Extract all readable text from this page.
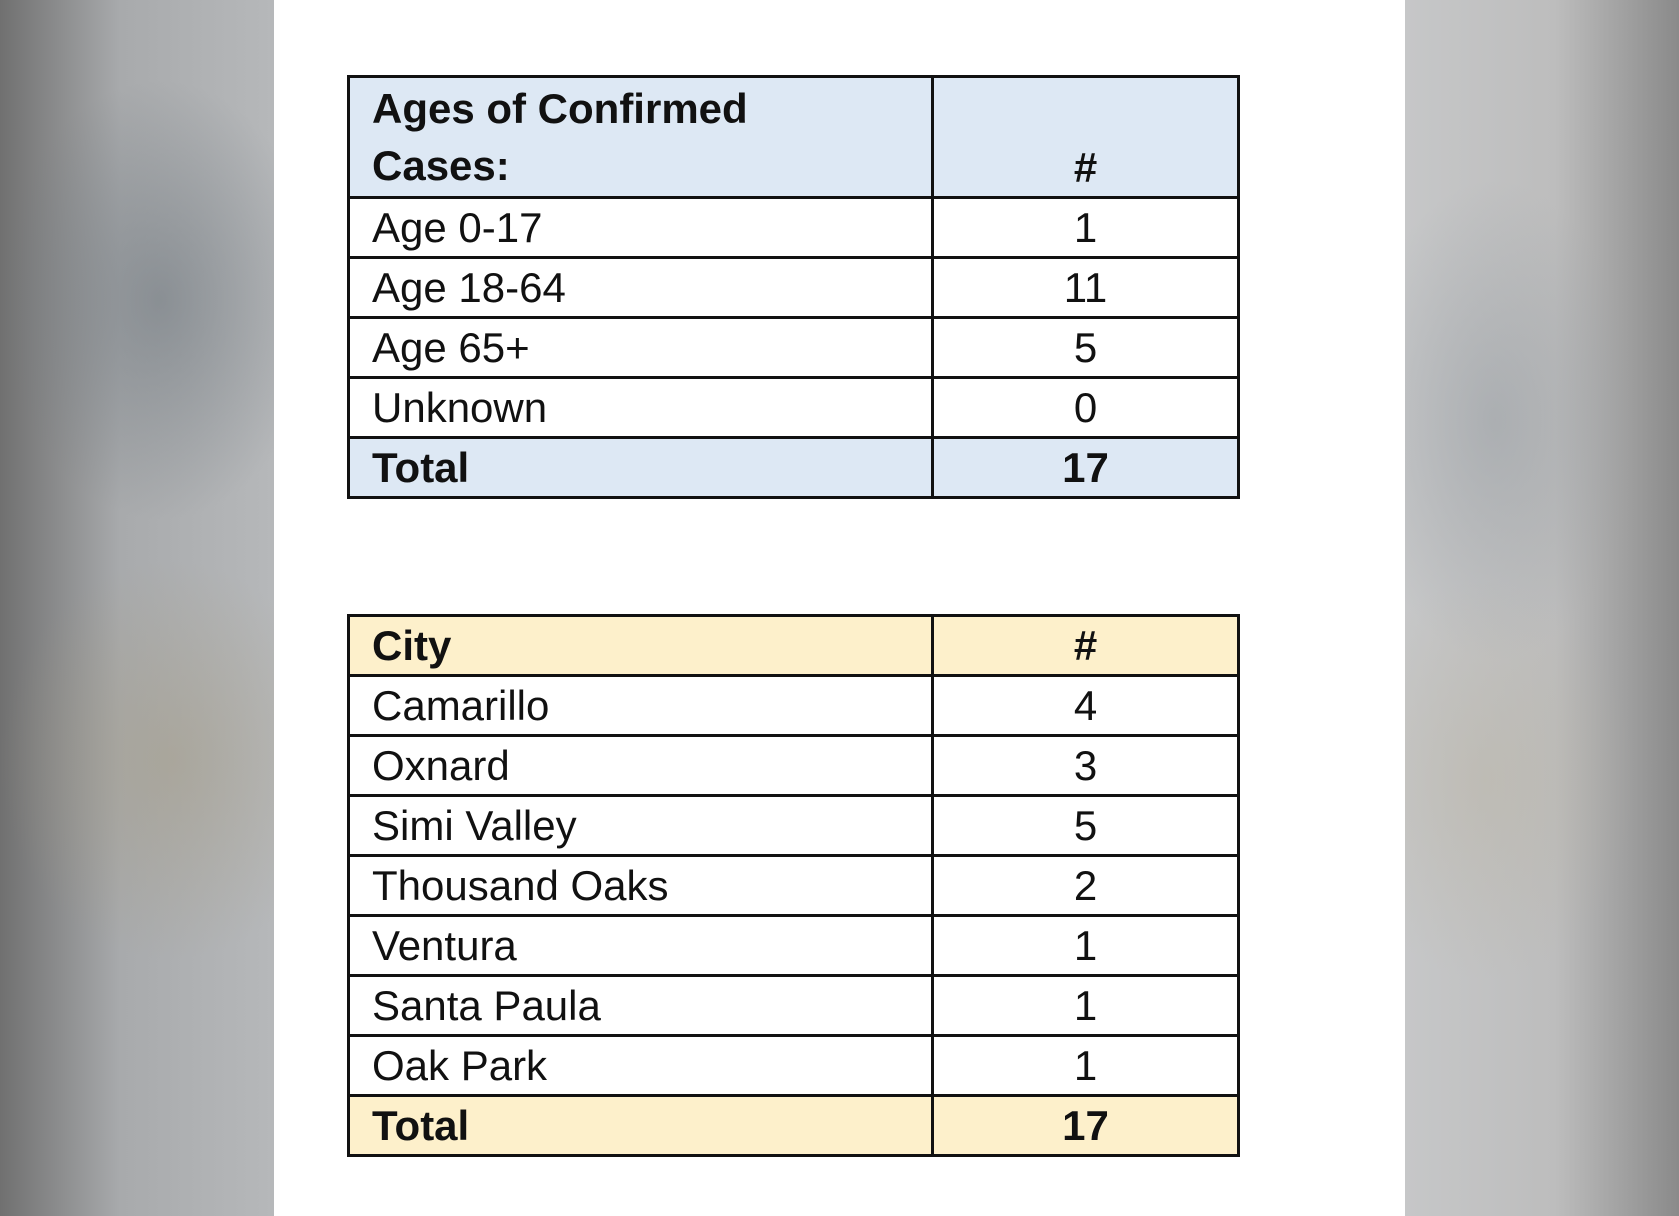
Ages of Confirmed Cases:	#
Age 0-17	1
Age 18-64	11
Age 65+	5
Unknown	0
Total	17
City	#
Camarillo	4
Oxnard	3
Simi Valley	5
Thousand Oaks	2
Ventura	1
Santa Paula	1
Oak Park	1
Total	17
